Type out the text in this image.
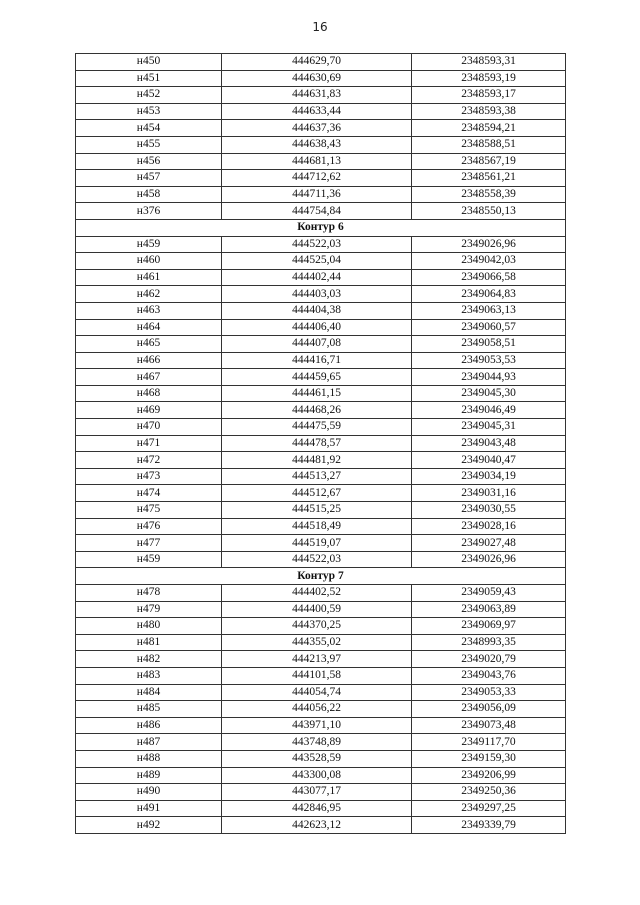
16
н450	444629,70	2348593,31
н451	444630,69	2348593,19
н452	444631,83	2348593,17
н453	444633,44	2348593,38
н454	444637,36	2348594,21
н455	444638,43	2348588,51
н456	444681,13	2348567,19
н457	444712,62	2348561,21
н458	444711,36	2348558,39
н376	444754,84	2348550,13
Контур 6		
н459	444522,03	2349026,96
н460	444525,04	2349042,03
н461	444402,44	2349066,58
н462	444403,03	2349064,83
н463	444404,38	2349063,13
н464	444406,40	2349060,57
н465	444407,08	2349058,51
н466	444416,71	2349053,53
н467	444459,65	2349044,93
н468	444461,15	2349045,30
н469	444468,26	2349046,49
н470	444475,59	2349045,31
н471	444478,57	2349043,48
н472	444481,92	2349040,47
н473	444513,27	2349034,19
н474	444512,67	2349031,16
н475	444515,25	2349030,55
н476	444518,49	2349028,16
н477	444519,07	2349027,48
н459	444522,03	2349026,96
Контур 7		
н478	444402,52	2349059,43
н479	444400,59	2349063,89
н480	444370,25	2349069,97
н481	444355,02	2348993,35
н482	444213,97	2349020,79
н483	444101,58	2349043,76
н484	444054,74	2349053,33
н485	444056,22	2349056,09
н486	443971,10	2349073,48
н487	443748,89	2349117,70
н488	443528,59	2349159,30
н489	443300,08	2349206,99
н490	443077,17	2349250,36
н491	442846,95	2349297,25
н492	442623,12	2349339,79
